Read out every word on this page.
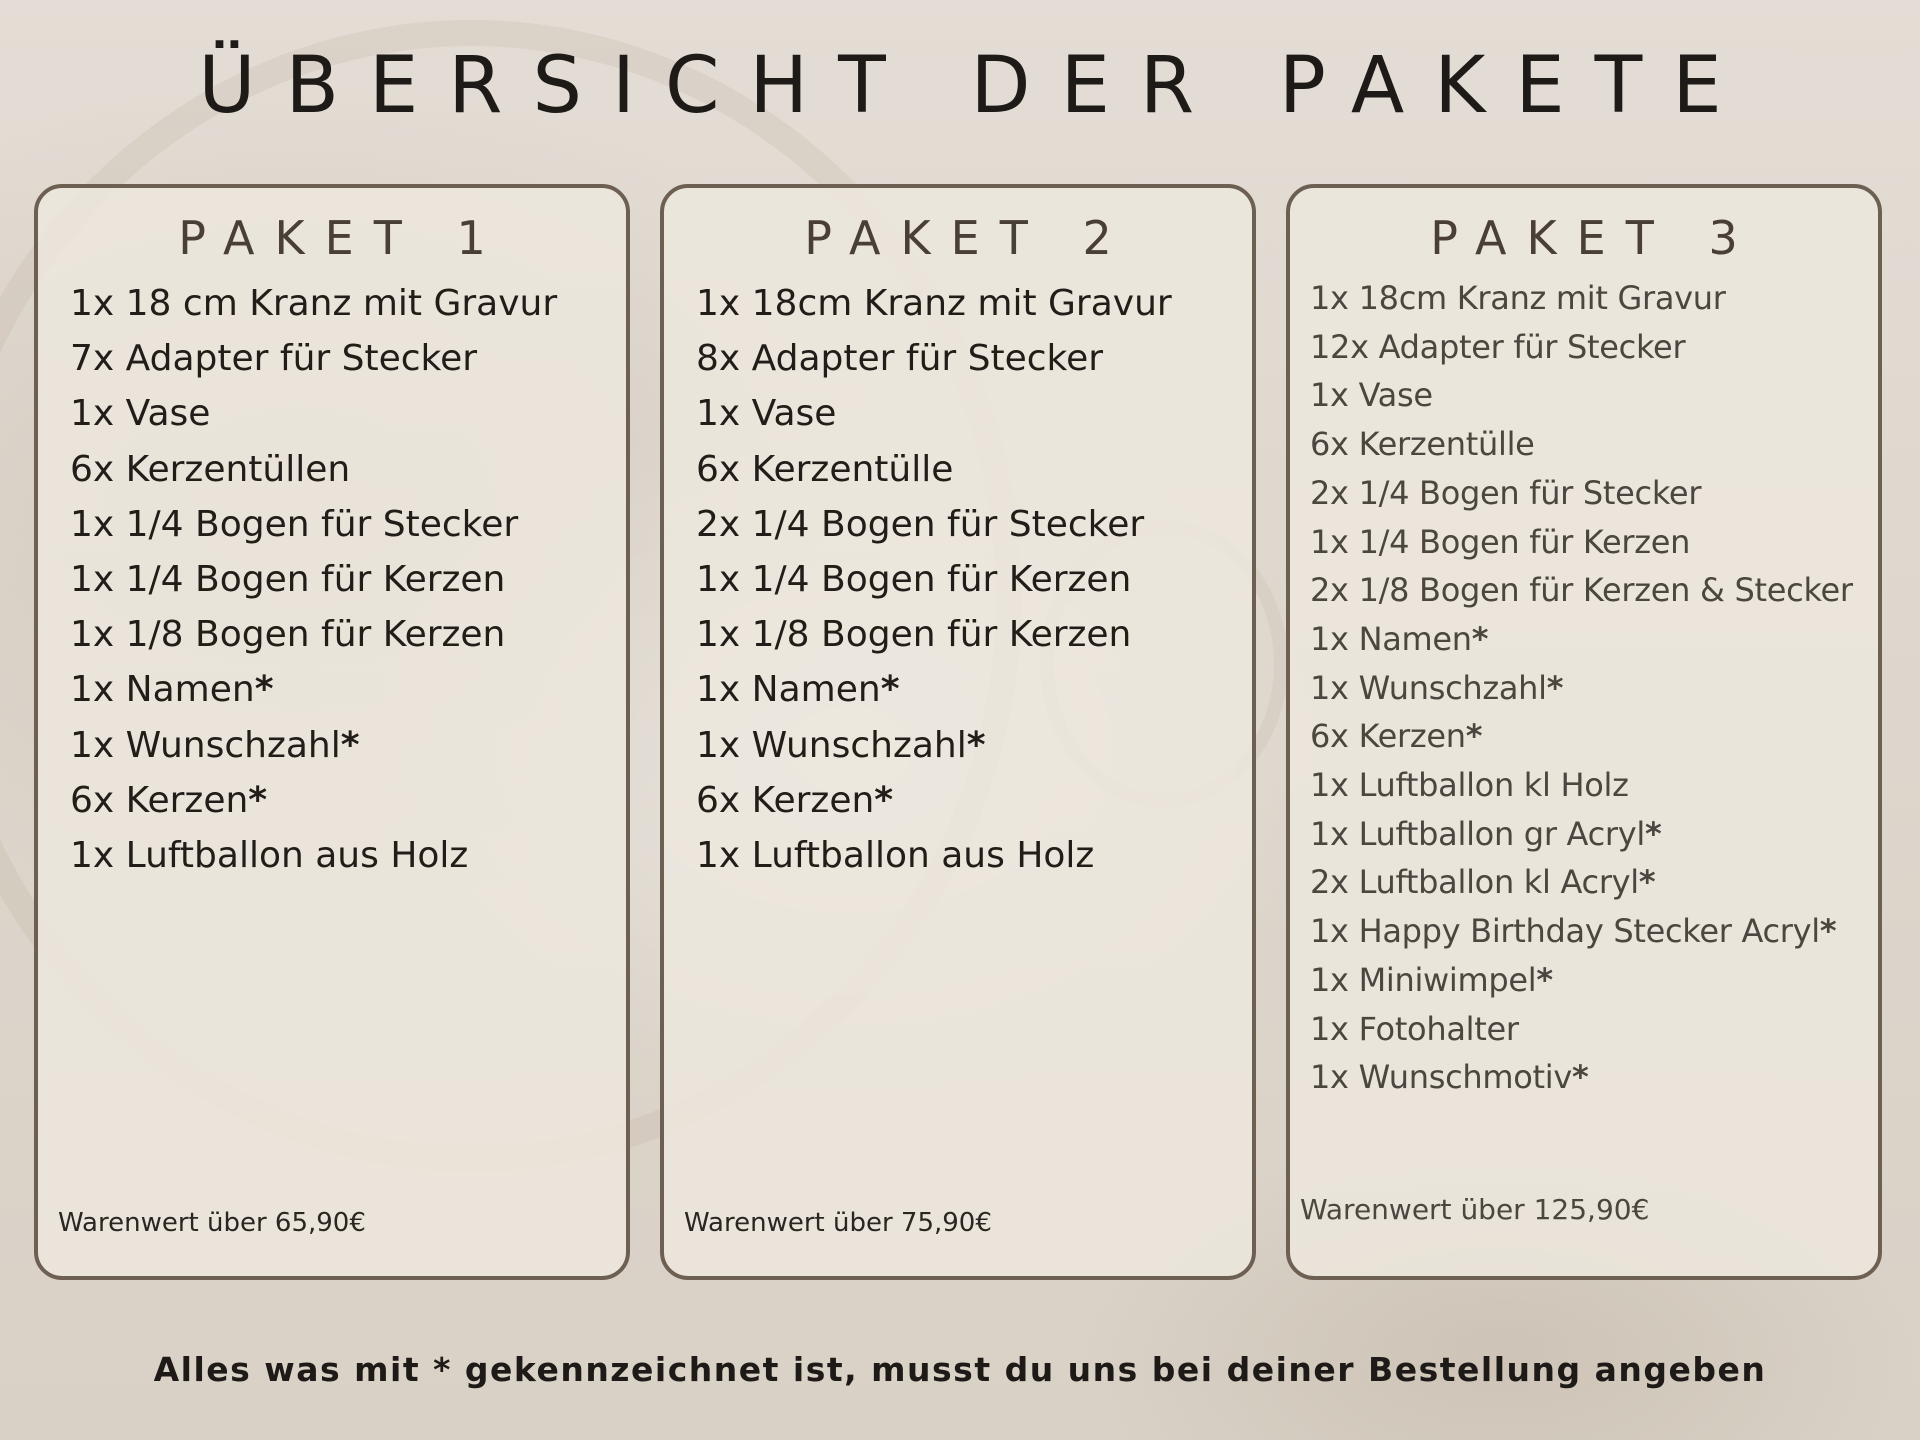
ÜBERSICHT DER PAKETE
PAKET 1
1x 18 cm Kranz mit Gravur
7x Adapter für Stecker
1x Vase
6x Kerzentüllen
1x 1/4 Bogen für Stecker
1x 1/4 Bogen für Kerzen
1x 1/8 Bogen für Kerzen
1x Namen*
1x Wunschzahl*
6x Kerzen*
1x Luftballon aus Holz
Warenwert über 65,90€
PAKET 2
1x 18cm Kranz mit Gravur
8x Adapter für Stecker
1x Vase
6x Kerzentülle
2x 1/4 Bogen für Stecker
1x 1/4 Bogen für Kerzen
1x 1/8 Bogen für Kerzen
1x Namen*
1x Wunschzahl*
6x Kerzen*
1x Luftballon aus Holz
Warenwert über 75,90€
PAKET 3
1x 18cm Kranz mit Gravur
12x Adapter für Stecker
1x Vase
6x Kerzentülle
2x 1/4 Bogen für Stecker
1x 1/4 Bogen für Kerzen
2x 1/8 Bogen für Kerzen & Stecker
1x Namen*
1x Wunschzahl*
6x Kerzen*
1x Luftballon kl Holz
1x Luftballon gr Acryl*
2x Luftballon kl Acryl*
1x Happy Birthday Stecker Acryl*
1x Miniwimpel*
1x Fotohalter
1x Wunschmotiv*
Warenwert über 125,90€

Alles was mit * gekennzeichnet ist, musst du uns bei deiner Bestellung angeben
